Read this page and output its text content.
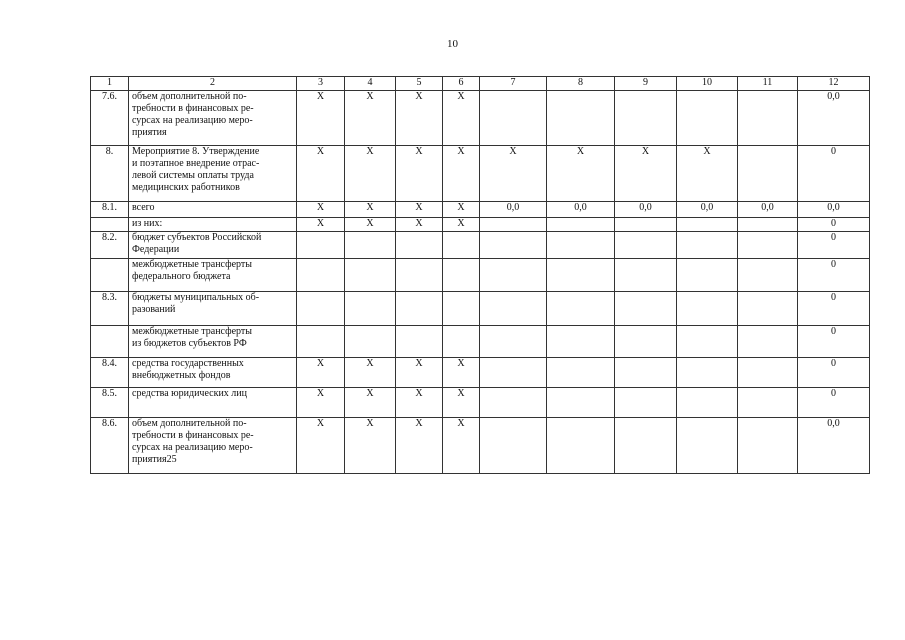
10
1	2	3	4	5	6	7	8	9	10	11	12
7.6.	объем дополнительной по-
требности в финансовых ре-
сурсах на реализацию меро-
приятия	Х	Х	Х	Х						0,0
8.	Мероприятие 8. Утверждение
и поэтапное внедрение отрас-
левой системы оплаты труда
медицинских работников	Х	Х	Х	Х	Х	Х	Х	Х		0
8.1.	всего	Х	Х	Х	Х	0,0	0,0	0,0	0,0	0,0	0,0
	из них:	Х	Х	Х	Х						0
8.2.	бюджет субъектов Российской
Федерации										0
	межбюджетные трансферты
федерального бюджета										0
8.3.	бюджеты муниципальных об-
разований										0
	межбюджетные трансферты
из бюджетов субъектов РФ										0
8.4.	средства государственных
внебюджетных фондов	Х	Х	Х	Х						0
8.5.	средства юридических лиц	Х	Х	Х	Х						0
8.6.	объем дополнительной по-
требности в финансовых ре-
сурсах на реализацию меро-
приятия25	Х	Х	Х	Х						0,0
